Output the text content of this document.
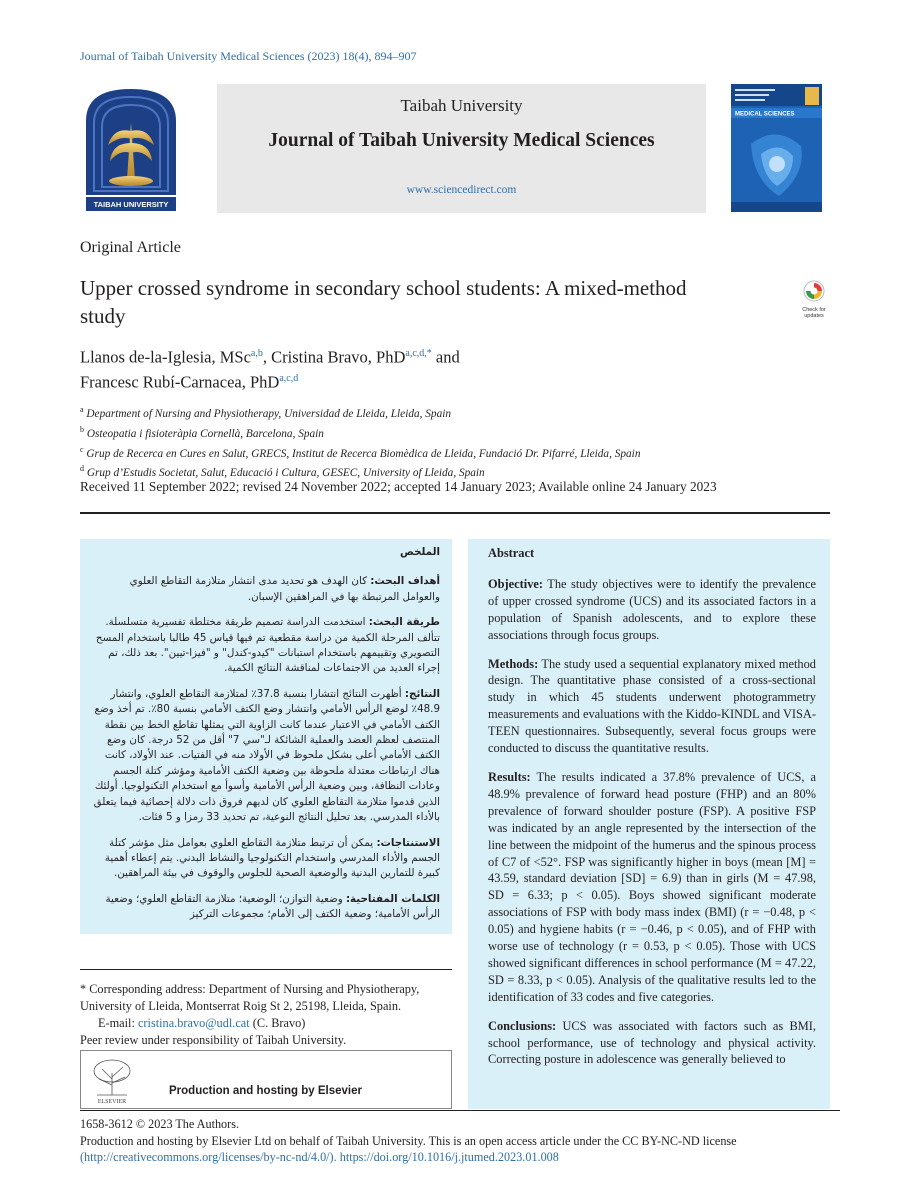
Journal of Taibah University Medical Sciences (2023) 18(4), 894‒907
TAIBAH UNIVERSITY
Taibah University
Journal of Taibah University Medical Sciences
www.sciencedirect.com
MEDICAL SCIENCES
Original Article
Upper crossed syndrome in secondary school students: A mixed-method study	Check for
updates
Llanos de-la-Iglesia, MSc$^{a,b}$, Cristina Bravo, PhD$^{a,c,d,*}$ and
Francesc Rubí-Carnacea, PhD$^{a,c,d}$
$^a$ Department of Nursing and Physiotherapy, Universidad de Lleida, Lleida, Spain
$^b$ Osteopatia i fisioteràpia Cornellà, Barcelona, Spain
$^c$ Grup de Recerca en Cures en Salut, GRECS, Institut de Recerca Biomèdica de Lleida, Fundació Dr. Pifarré, Lleida, Spain
$^d$ Grup d’Estudis Societat, Salut, Educació i Cultura, GESEC, University of Lleida, Spain
Received 11 September 2022; revised 24 November 2022; accepted 14 January 2023; Available online 24 January 2023
الملخص

أهداف البحث: كان الهدف هو تحديد مدى انتشار متلازمة التقاطع العلوي والعوامل المرتبطة بها في المراهقين الإسبان.

طريقة البحث: استخدمت الدراسة تصميم طريقة مختلطة تفسيرية متسلسلة. تتألف المرحلة الكمية من دراسة مقطعية تم فيها قياس 45 طالبا باستخدام المسح التصويري وتقييمهم باستخدام استبانات "كيدو-كندل" و "فيزا-تيين". بعد ذلك، تم إجراء العديد من الاجتماعات لمناقشة النتائج الكمية.

النتائج: أظهرت النتائج انتشارا بنسبة 37.8٪ لمتلازمة التقاطع العلوي، وانتشار 48.9٪ لوضع الرأس الأمامي وانتشار وضع الكتف الأمامي بنسبة 80٪. تم أخذ وضع الكتف الأمامي في الاعتبار عندما كانت الزاوية التي يمثلها تقاطع الخط بين نقطة المنتصف لعظم العضد والعملية الشائكة لـ"سي 7" أقل من 52 درجة. كان وضع الكتف الأمامي أعلى بشكل ملحوظ في الأولاد منه في الفتيات. عند الأولاد، كانت هناك ارتباطات معتدلة ملحوظة بين وضعية الكتف الأمامية ومؤشر كتلة الجسم وعادات النظافة، وبين وضعية الرأس الأمامية وأسوأ مع استخدام التكنولوجيا. أولئك الذين قدموا متلازمة التقاطع العلوي كان لديهم فروق ذات دلالة إحصائية فيما يتعلق بالأداء المدرسي. بعد تحليل النتائج النوعية، تم تحديد 33 رمزا و 5 فئات.

الاستنتاجات: يمكن أن ترتبط متلازمة التقاطع العلوي بعوامل مثل مؤشر كتلة الجسم والأداء المدرسي واستخدام التكنولوجيا والنشاط البدني. يتم إعطاء أهمية كبيرة للتمارين البدنية والوضعية الصحية للجلوس والوقوف في بيئة المراهقين.

الكلمات المفتاحية: وضعية التوازن؛ الوضعية؛ متلازمة التقاطع العلوي؛ وضعية الرأس الأمامية؛ وضعية الكتف إلى الأمام؛ مجموعات التركيز

Abstract

Objective: The study objectives were to identify the prevalence of upper crossed syndrome (UCS) and its associated factors in a population of Spanish adolescents, and to explore these associations through focus groups.

Methods: The study used a sequential explanatory mixed method design. The quantitative phase consisted of a cross-sectional study in which 45 students underwent photogrammetry measurements and evaluations with the Kiddo-KINDL and VISA-TEEN questionnaires. Subsequently, several focus groups were conducted to discuss the quantitative results.

Results: The results indicated a 37.8% prevalence of UCS, a 48.9% prevalence of forward head posture (FHP) and an 80% prevalence of forward shoulder posture (FSP). A positive FSP was indicated by an angle represented by the intersection of the line between the midpoint of the humerus and the spinous process of C7 of <52°. FSP was significantly higher in boys (mean [M] = 43.59, standard deviation [SD] = 6.9) than in girls (M = 47.98, SD = 6.33; p < 0.05). Boys showed significant moderate associations of FSP with body mass index (BMI) (r = −0.48, p < 0.05) and hygiene habits (r = −0.46, p < 0.05), and of FHP with worse use of technology (r = 0.53, p < 0.05). Those with UCS showed significant differences in school performance (M = 47.22, SD = 8.33, p < 0.05). Analysis of the qualitative results led to the identification of 33 codes and five categories.

Conclusions: UCS was associated with factors such as BMI, school performance, use of technology and physical activity. Correcting posture in adolescence was generally believed to

* Corresponding address: Department of Nursing and Physiotherapy, University of Lleida, Montserrat Roig St 2, 25198, Lleida, Spain.
E-mail: cristina.bravo@udl.cat (C. Bravo)
Peer review under responsibility of Taibah University.
ELSEVIER
Production and hosting by Elsevier
1658-3612 © 2023 The Authors.
Production and hosting by Elsevier Ltd on behalf of Taibah University. This is an open access article under the CC BY-NC-ND license (http://creativecommons.org/licenses/by-nc-nd/4.0/). https://doi.org/10.1016/j.jtumed.2023.01.008
